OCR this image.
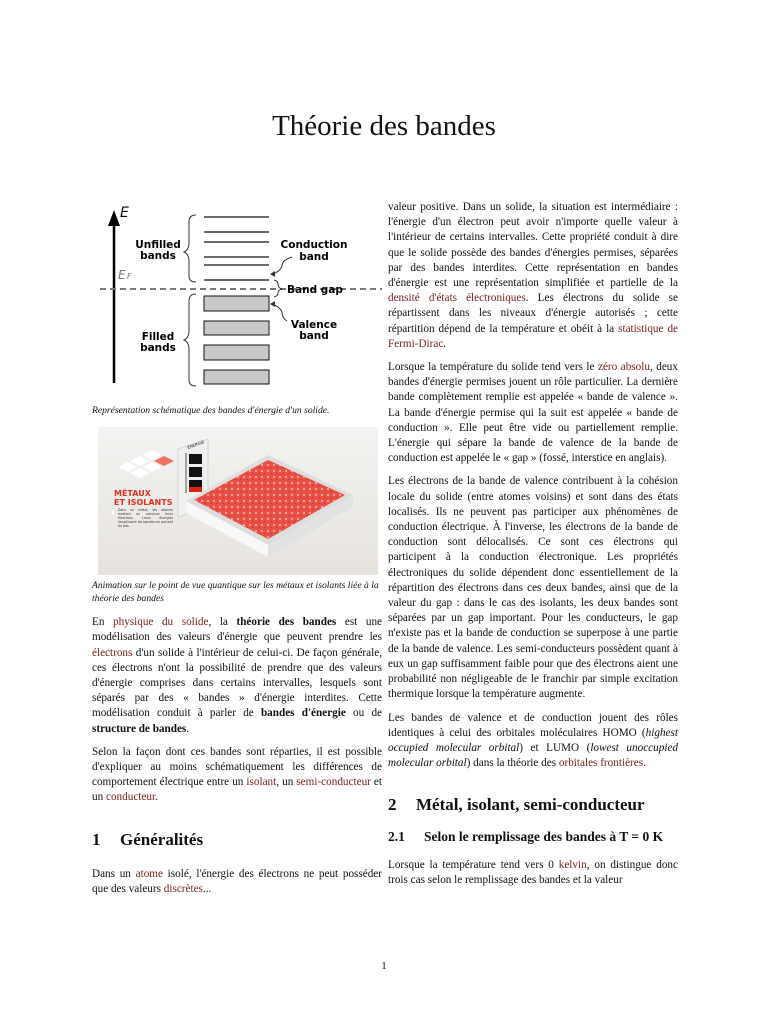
Théorie des bandes
E
E F
Unfilled
bands
Filled
bands
Conduction
band
Valence
band
Band gap
Représentation schématique des bandes d'énergie d'un solide.
MÉTAUX
ET ISOLANTS
Dans un métal, les atomes mettent en commun leurs électrons. Leurs énergies remplissent les bandes en partant du bas.
ÉNERGIE
Animation sur le point de vue quantique sur les métaux et isolants liée à la théorie des bandes

En physique du solide, la théorie des bandes est une modélisation des valeurs d'énergie que peuvent prendre les électrons d'un solide à l'intérieur de celui-ci. De façon générale, ces électrons n'ont la possibilité de prendre que des valeurs d'énergie comprises dans certains intervalles, lesquels sont séparés par des « bandes » d'énergie interdites. Cette modélisation conduit à parler de bandes d'énergie ou de structure de bandes.

Selon la façon dont ces bandes sont réparties, il est possible d'expliquer au moins schématiquement les différences de comportement électrique entre un isolant, un semi-conducteur et un conducteur.

1 Généralités

Dans un atome isolé, l'énergie des électrons ne peut posséder que des valeurs discrètes...

valeur positive. Dans un solide, la situation est intermédiaire : l'énergie d'un électron peut avoir n'importe quelle valeur à l'intérieur de certains intervalles. Cette propriété conduit à dire que le solide possède des bandes d'énergies permises, séparées par des bandes interdites. Cette représentation en bandes d'énergie est une représentation simplifiée et partielle de la densité d'états électroniques. Les électrons du solide se répartissent dans les niveaux d'énergie autorisés ; cette répartition dépend de la température et obéit à la statistique de Fermi-Dirac.

Lorsque la température du solide tend vers le zéro absolu, deux bandes d'énergie permises jouent un rôle particulier. La dernière bande complètement remplie est appelée « bande de valence ». La bande d'énergie permise qui la suit est appelée « bande de conduction ». Elle peut être vide ou partiellement remplie. L'énergie qui sépare la bande de valence de la bande de conduction est appelée le « gap » (fossé, interstice en anglais).

Les électrons de la bande de valence contribuent à la cohésion locale du solide (entre atomes voisins) et sont dans des états localisés. Ils ne peuvent pas participer aux phénomènes de conduction électrique. À l'inverse, les électrons de la bande de conduction sont délocalisés. Ce sont ces électrons qui participent à la conduction électronique. Les propriétés électroniques du solide dépendent donc essentiellement de la répartition des électrons dans ces deux bandes, ainsi que de la valeur du gap : dans le cas des isolants, les deux bandes sont séparées par un gap important. Pour les conducteurs, le gap n'existe pas et la bande de conduction se superpose à une partie de la bande de valence. Les semi-conducteurs possèdent quant à eux un gap suffisamment faible pour que des électrons aient une probabilité non négligeable de le franchir par simple excitation thermique lorsque la température augmente.

Les bandes de valence et de conduction jouent des rôles identiques à celui des orbitales moléculaires HOMO (highest occupied molecular orbital) et LUMO (lowest unoccupied molecular orbital) dans la théorie des orbitales frontières.

2 Métal, isolant, semi-conducteur
2.1 Selon le remplissage des bandes à T = 0 K

Lorsque la température tend vers 0 kelvin, on distingue donc trois cas selon le remplissage des bandes et la valeur

1
